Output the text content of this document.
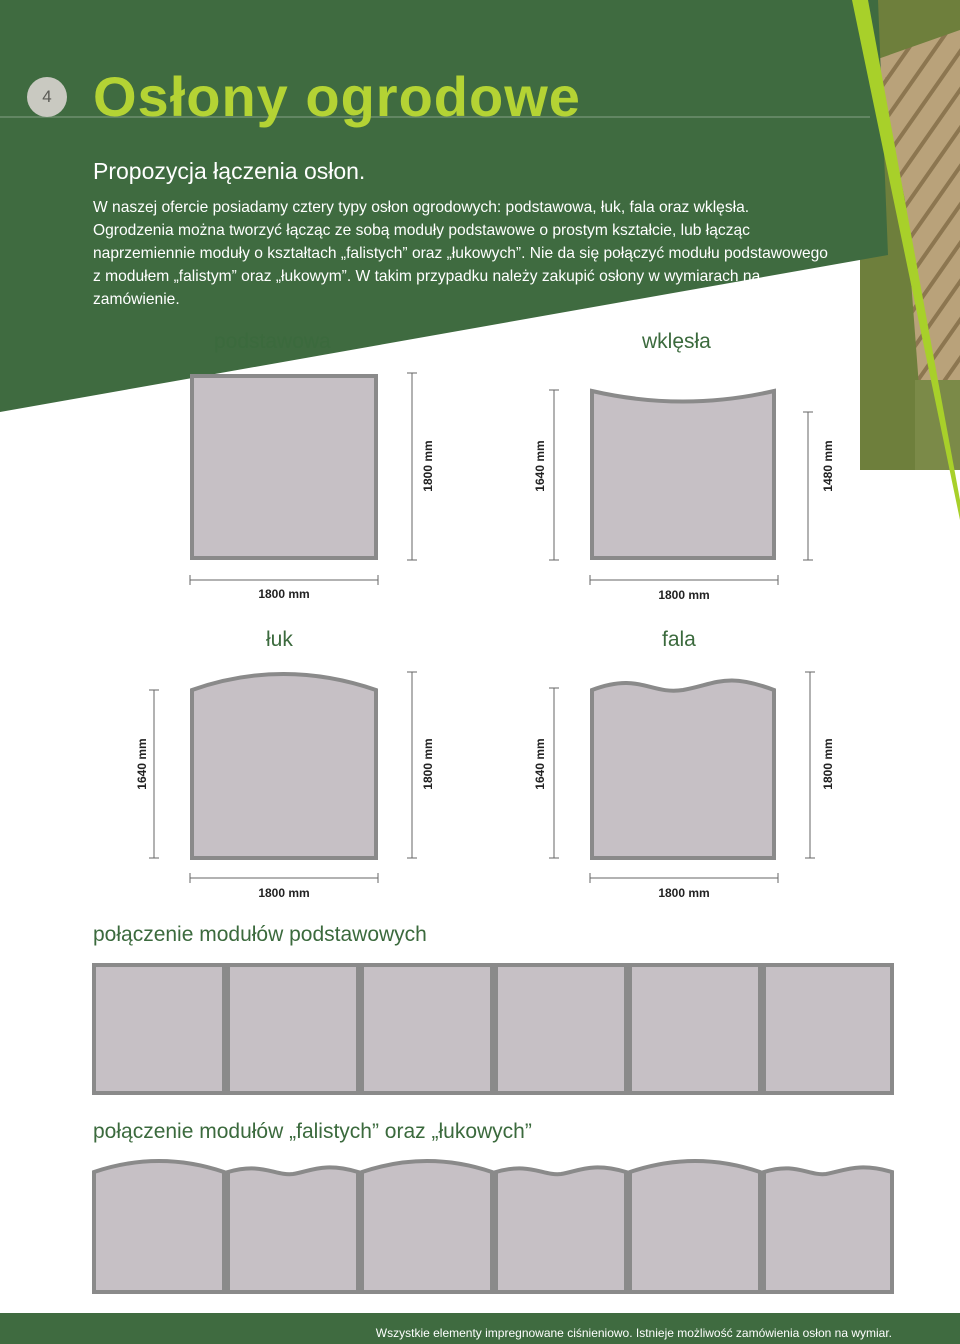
4 Osłony ogrodowe
Propozycja łączenia osłon.

W naszej ofercie posiadamy cztery typy osłon ogrodowych: podstawowa, łuk, fala oraz wklęsła.

Ogrodzenia można tworzyć łącząc ze sobą moduły podstawowe o prostym kształcie, lub łącząc naprzemiennie moduły o kształtach „falistych” oraz „łukowych”. Nie da się połączyć modułu podstawowego z modułem „falistym” oraz „łukowym”. W takim przypadku należy zakupić osłony w wymiarach na zamówienie.

podstawowa	wklęsła
łuk	fala
1800 mm
1800 mm
1640 mm	1480 mm
1800 mm
1640 mm	1800 mm
1800 mm
1640 mm	1800 mm
1800 mm
połączenie modułów podstawowych
połączenie modułów „falistych” oraz „łukowych”
Wszystkie elementy impregnowane ciśnieniowo. Istnieje możliwość zamówienia osłon na wymiar.
